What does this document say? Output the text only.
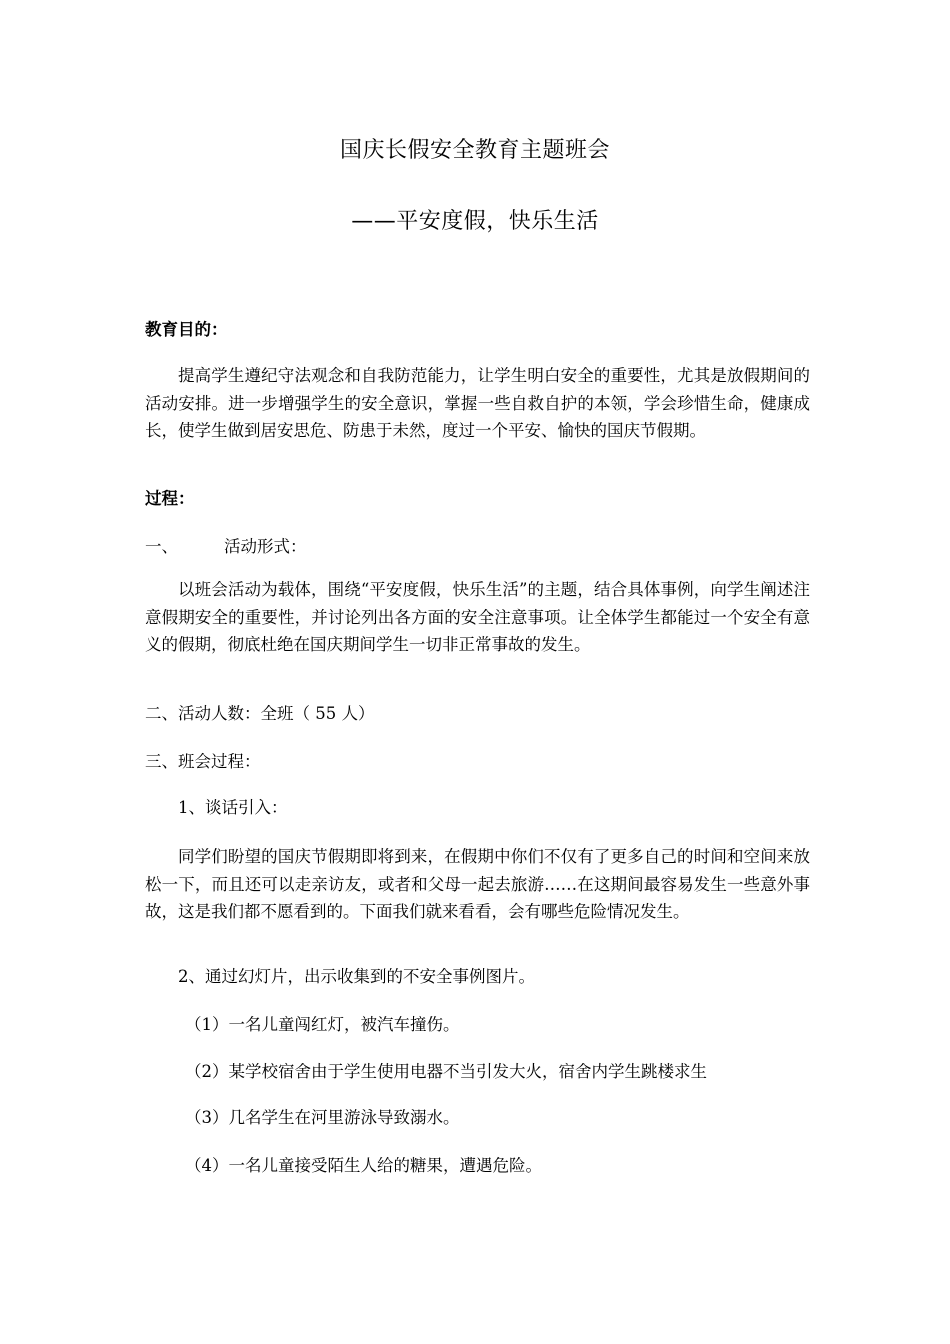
国庆长假安全教育主题班会
——平安度假，快乐生活
教育目的：
提高学生遵纪守法观念和自我防范能力，让学生明白安全的重要性，尤其是放假期间的活动安排。进一步增强学生的安全意识，掌握一些自救自护的本领，学会珍惜生命，健康成长，使学生做到居安思危、防患于未然，度过一个平安、愉快的国庆节假期。
过程：
一、	活动形式：
以班会活动为载体，围绕“平安度假，快乐生活”的主题，结合具体事例，向学生阐述注意假期安全的重要性，并讨论列出各方面的安全注意事项。让全体学生都能过一个安全有意义的假期，彻底杜绝在国庆期间学生一切非正常事故的发生。
二、活动人数：全班（ 55 人）
三、班会过程：
1、谈话引入：
同学们盼望的国庆节假期即将到来，在假期中你们不仅有了更多自己的时间和空间来放松一下，而且还可以走亲访友，或者和父母一起去旅游……在这期间最容易发生一些意外事故，这是我们都不愿看到的。下面我们就来看看，会有哪些危险情况发生。
2、通过幻灯片，出示收集到的不安全事例图片。
（1）一名儿童闯红灯，被汽车撞伤。
（2）某学校宿舍由于学生使用电器不当引发大火，宿舍内学生跳楼求生
（3）几名学生在河里游泳导致溺水。
（4）一名儿童接受陌生人给的糖果，遭遇危险。
